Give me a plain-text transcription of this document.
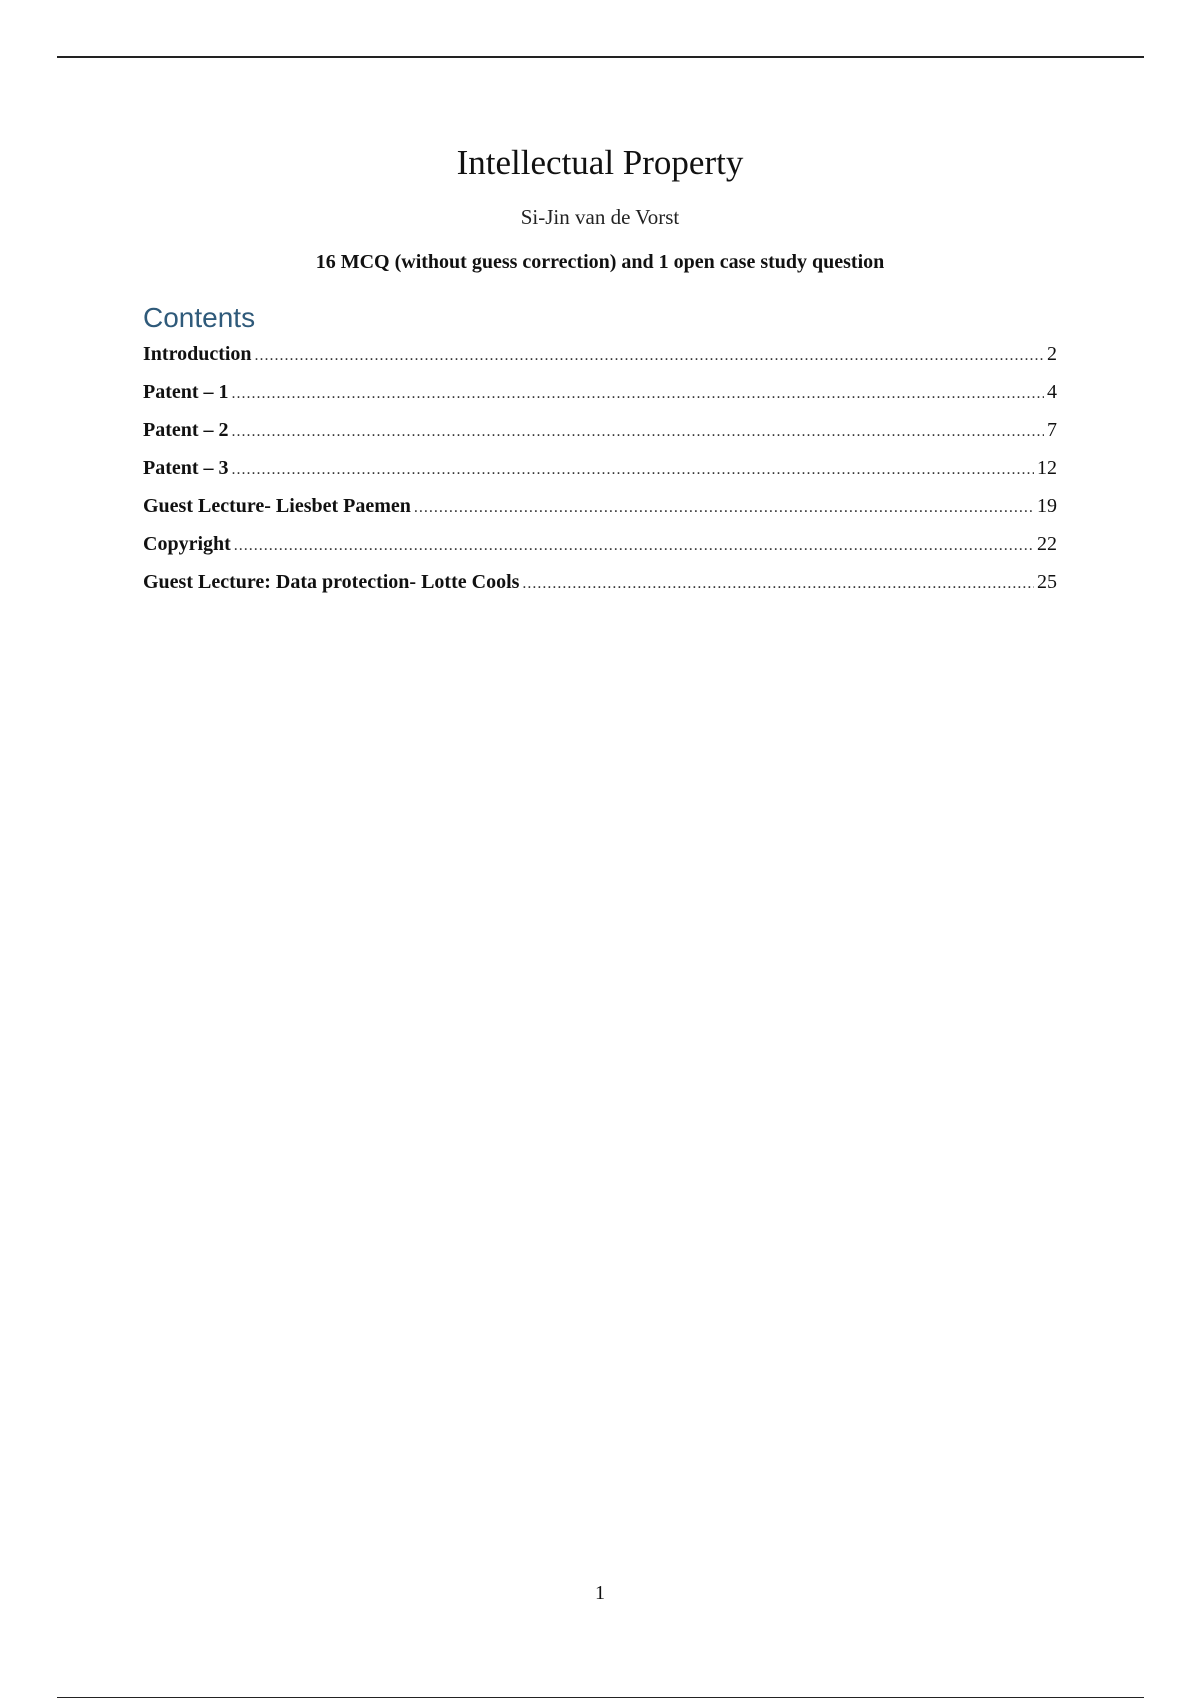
Intellectual Property
Si-Jin van de Vorst
16 MCQ (without guess correction) and 1 open case study question
Contents
Introduction .....	2
Patent – 1 .....	4
Patent – 2 .....	7
Patent – 3 .....	12
Guest Lecture- Liesbet Paemen .....	19
Copyright .....	22
Guest Lecture: Data protection- Lotte Cools .....	25
1
